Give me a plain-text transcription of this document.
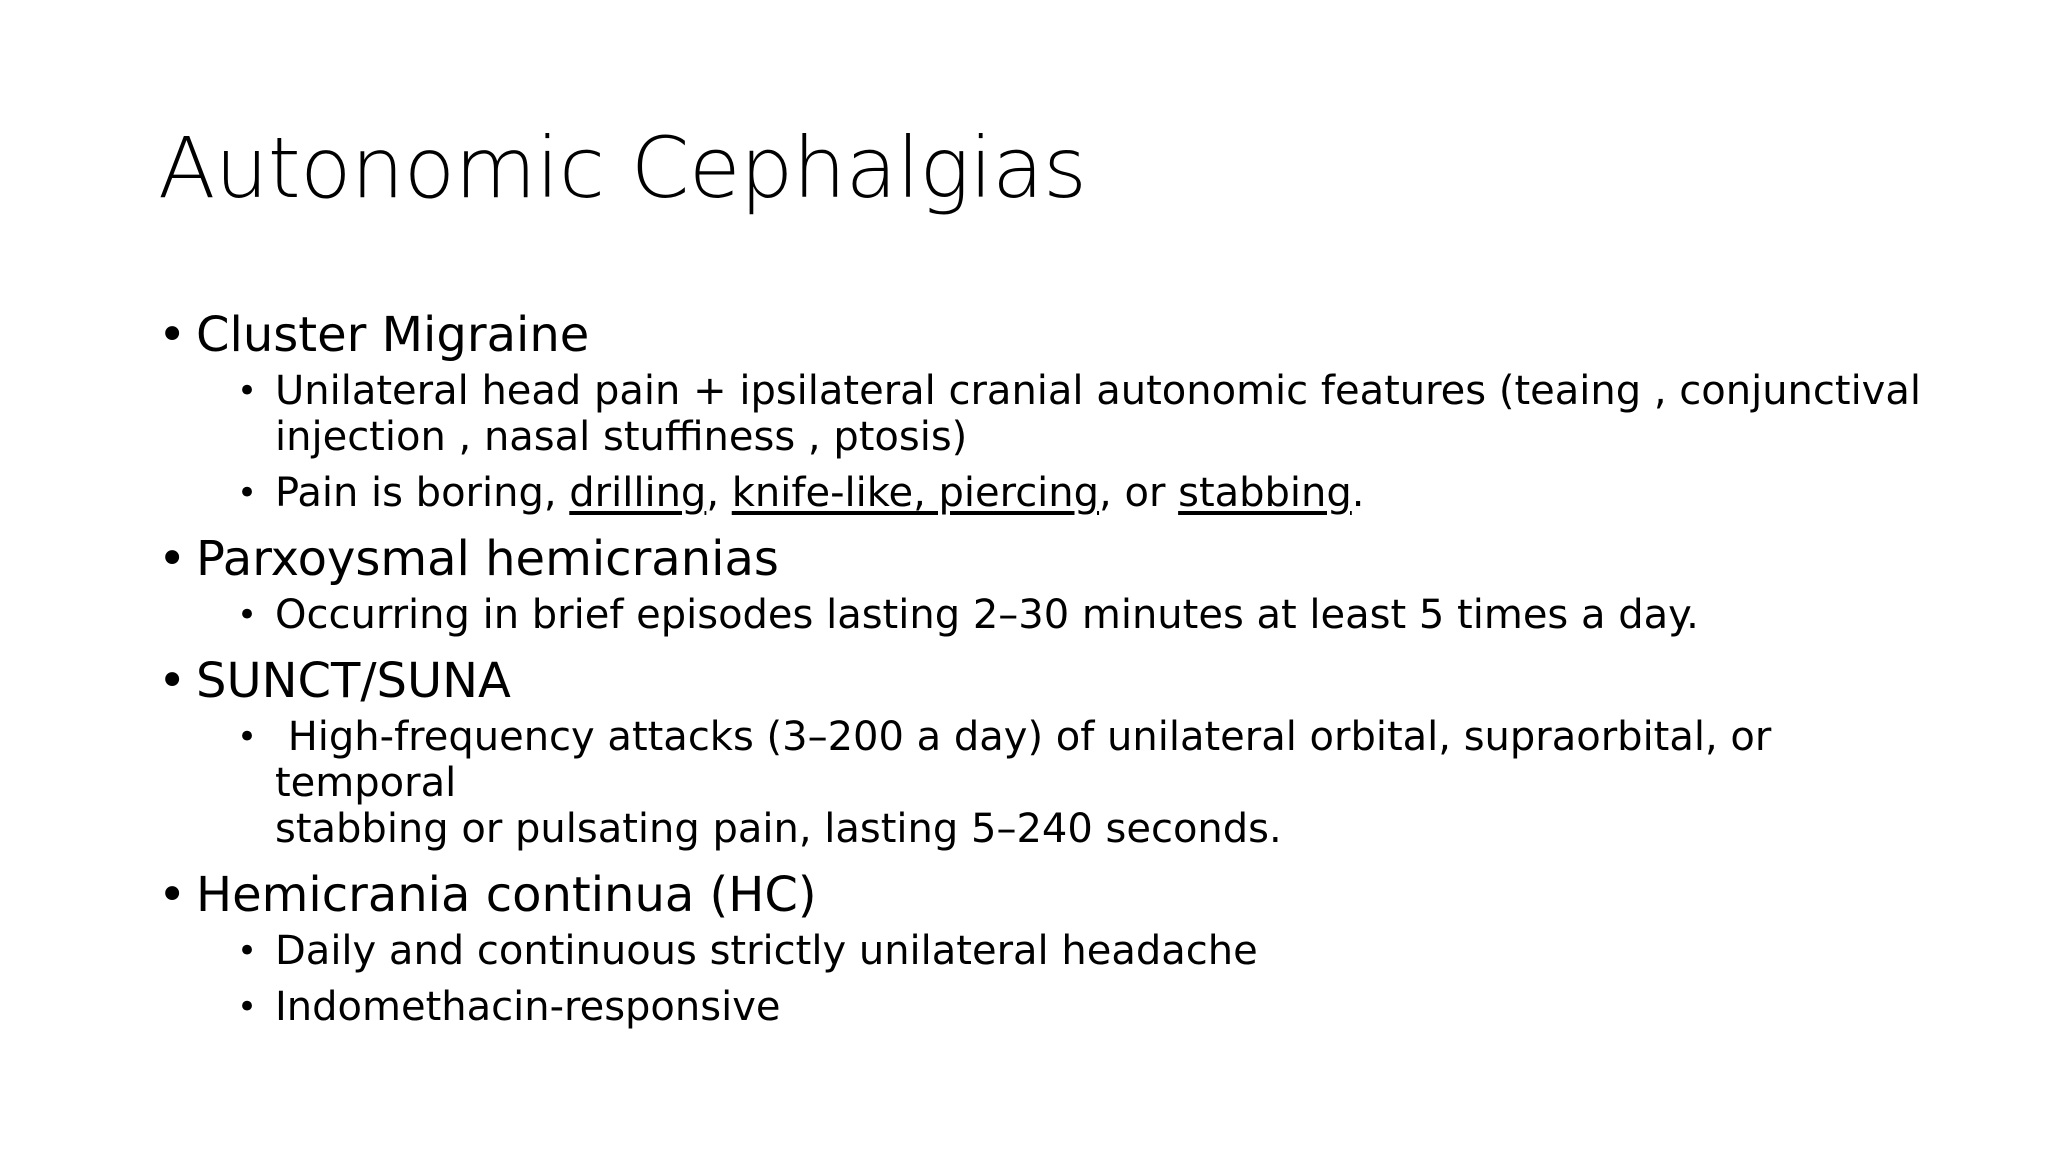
Autonomic Cephalgias
• Cluster Migraine
• Unilateral head pain + ipsilateral cranial autonomic features (teaing , conjunctival
injection , nasal stuffiness , ptosis)
• Pain is boring, drilling, knife-like, piercing, or stabbing.
• Parxoysmal hemicranias
• Occurring in brief episodes lasting 2–30 minutes at least 5 times a day.
• SUNCT/SUNA
• High-frequency attacks (3–200 a day) of unilateral orbital, supraorbital, or temporal
stabbing or pulsating pain, lasting 5–240 seconds.
• Hemicrania continua (HC)
• Daily and continuous strictly unilateral headache
• Indomethacin-responsive
